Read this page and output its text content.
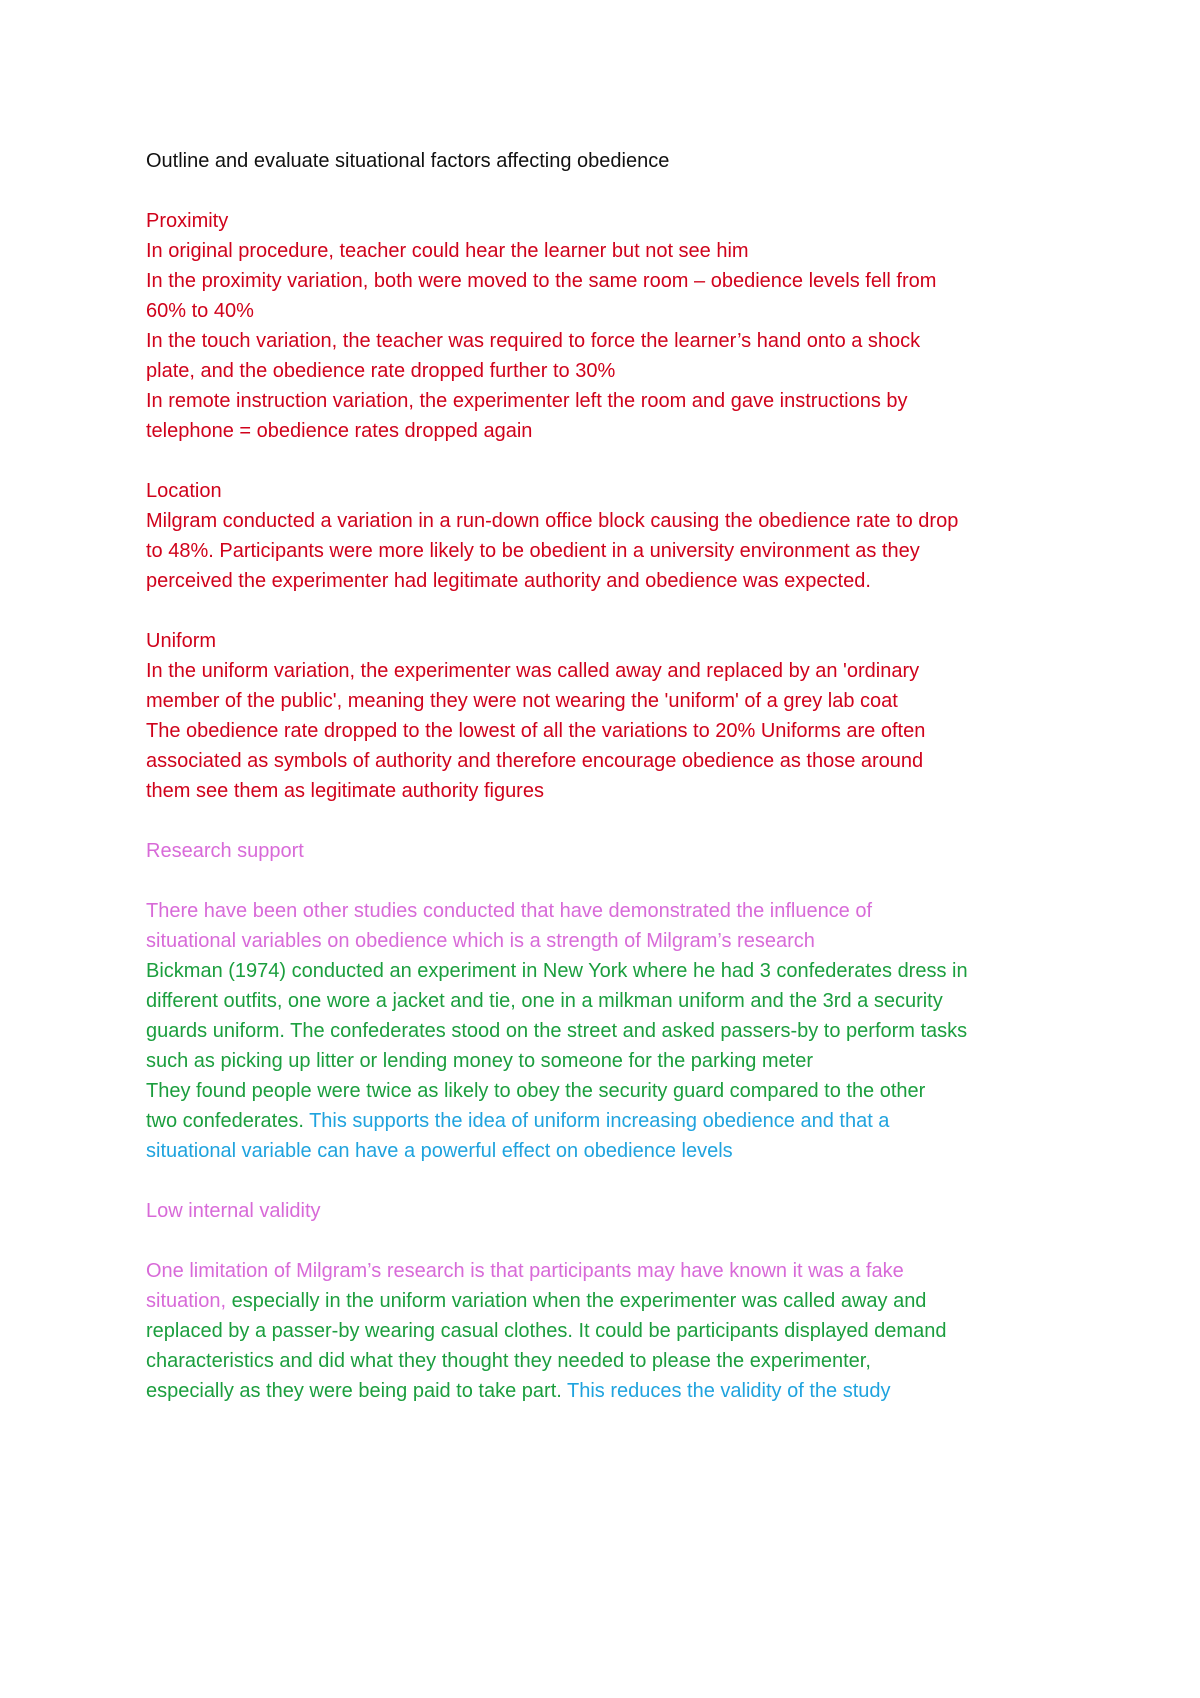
Outline and evaluate situational factors affecting obedience
Proximity
In original procedure, teacher could hear the learner but not see him
In the proximity variation, both were moved to the same room – obedience levels fell from
60% to 40%
In the touch variation, the teacher was required to force the learner’s hand onto a shock
plate, and the obedience rate dropped further to 30%
In remote instruction variation, the experimenter left the room and gave instructions by
telephone = obedience rates dropped again
Location
Milgram conducted a variation in a run-down office block causing the obedience rate to drop
to 48%. Participants were more likely to be obedient in a university environment as they
perceived the experimenter had legitimate authority and obedience was expected.
Uniform
In the uniform variation, the experimenter was called away and replaced by an 'ordinary
member of the public', meaning they were not wearing the 'uniform' of a grey lab coat
The obedience rate dropped to the lowest of all the variations to 20% Uniforms are often
associated as symbols of authority and therefore encourage obedience as those around
them see them as legitimate authority figures
Research support
There have been other studies conducted that have demonstrated the influence of
situational variables on obedience which is a strength of Milgram’s research
Bickman (1974) conducted an experiment in New York where he had 3 confederates dress in
different outfits, one wore a jacket and tie, one in a milkman uniform and the 3rd a security
guards uniform. The confederates stood on the street and asked passers-by to perform tasks
such as picking up litter or lending money to someone for the parking meter
They found people were twice as likely to obey the security guard compared to the other
two confederates. This supports the idea of uniform increasing obedience and that a
situational variable can have a powerful effect on obedience levels
Low internal validity
One limitation of Milgram’s research is that participants may have known it was a fake
situation, especially in the uniform variation when the experimenter was called away and
replaced by a passer-by wearing casual clothes. It could be participants displayed demand
characteristics and did what they thought they needed to please the experimenter,
especially as they were being paid to take part. This reduces the validity of the study
